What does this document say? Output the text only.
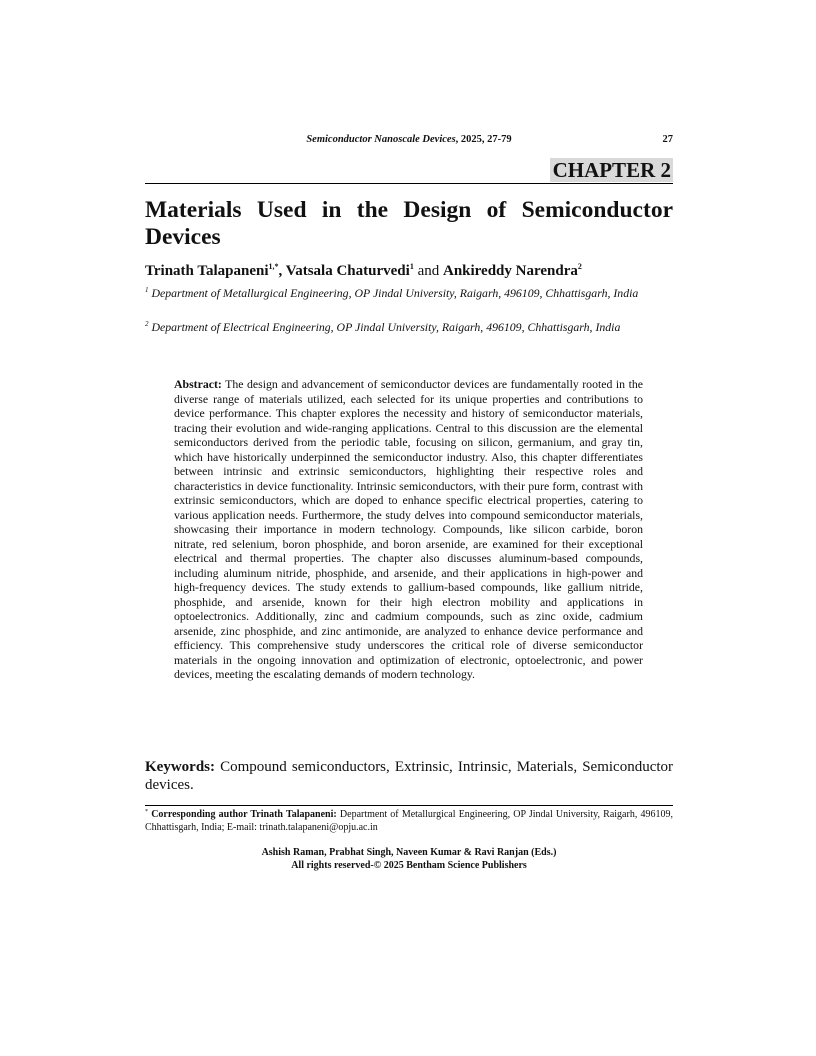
Semiconductor Nanoscale Devices, 2025, 27-79	27
CHAPTER 2
Materials Used in the Design of Semiconductor Devices
Trinath Talapaneni$^{1,*}$, Vatsala Chaturvedi$^1$ and Ankireddy Narendra$^2$
$^1$ Department of Metallurgical Engineering, OP Jindal University, Raigarh, 496109, Chhattisgarh, India
$^2$ Department of Electrical Engineering, OP Jindal University, Raigarh, 496109, Chhattisgarh, India

Abstract: The design and advancement of semiconductor devices are fundamentally rooted in the diverse range of materials utilized, each selected for its unique properties and contributions to device performance. This chapter explores the necessity and history of semiconductor materials, tracing their evolution and wide-ranging applications. Central to this discussion are the elemental semiconductors derived from the periodic table, focusing on silicon, germanium, and gray tin, which have historically underpinned the semiconductor industry. Also, this chapter differentiates between intrinsic and extrinsic semiconductors, highlighting their respective roles and characteristics in device functionality. Intrinsic semiconductors, with their pure form, contrast with extrinsic semiconductors, which are doped to enhance specific electrical properties, catering to various application needs. Furthermore, the study delves into compound semiconductor materials, showcasing their importance in modern technology. Compounds, like silicon carbide, boron nitrate, red selenium, boron phosphide, and boron arsenide, are examined for their exceptional electrical and thermal properties. The chapter also discusses aluminum-based compounds, including aluminum nitride, phosphide, and arsenide, and their applications in high-power and high-frequency devices. The study extends to gallium-based compounds, like gallium nitride, phosphide, and arsenide, known for their high electron mobility and applications in optoelectronics. Additionally, zinc and cadmium compounds, such as zinc oxide, cadmium arsenide, zinc phosphide, and zinc antimonide, are analyzed to enhance device performance and efficiency. This comprehensive study underscores the critical role of diverse semiconductor materials in the ongoing innovation and optimization of electronic, optoelectronic, and power devices, meeting the escalating demands of modern technology.

Keywords: Compound semiconductors, Extrinsic, Intrinsic, Materials, Semiconductor devices.

* Corresponding author Trinath Talapaneni: Department of Metallurgical Engineering, OP Jindal University, Raigarh, 496109, Chhattisgarh, India; E-mail: trinath.talapaneni@opju.ac.in

Ashish Raman, Prabhat Singh, Naveen Kumar & Ravi Ranjan (Eds.)
All rights reserved-© 2025 Bentham Science Publishers
